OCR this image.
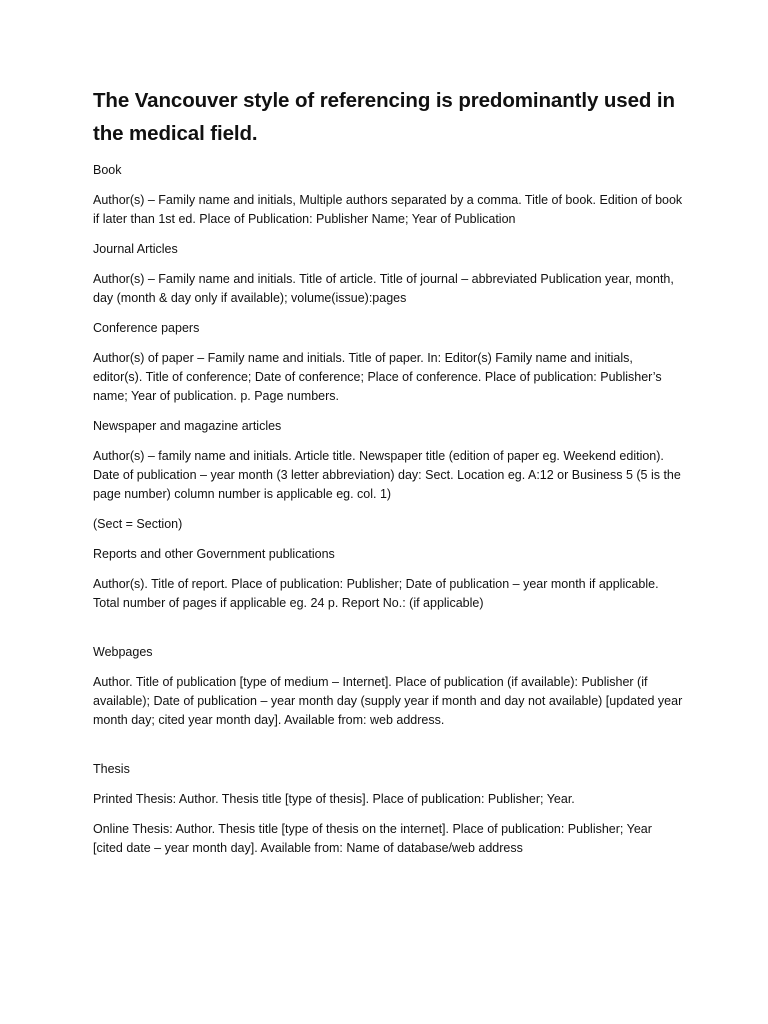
The Vancouver style of referencing is predominantly used in the medical field.

Book

Author(s) – Family name and initials, Multiple authors separated by a comma. Title of book. Edition of book if later than 1st ed. Place of Publication: Publisher Name; Year of Publication

Journal Articles

Author(s) – Family name and initials. Title of article. Title of journal – abbreviated Publication year, month, day (month & day only if available); volume(issue):pages

Conference papers

Author(s) of paper – Family name and initials. Title of paper. In: Editor(s) Family name and initials, editor(s). Title of conference; Date of conference; Place of conference. Place of publication: Publisher’s name; Year of publication. p. Page numbers.

Newspaper and magazine articles

Author(s) – family name and initials. Article title. Newspaper title (edition of paper eg. Weekend edition). Date of publication – year month (3 letter abbreviation) day: Sect. Location eg. A:12 or Business 5 (5 is the page number) column number is applicable eg. col. 1)

(Sect = Section)

Reports and other Government publications

Author(s). Title of report. Place of publication: Publisher; Date of publication – year month if applicable. Total number of pages if applicable eg. 24 p. Report No.: (if applicable)

Webpages

Author. Title of publication [type of medium – Internet]. Place of publication (if available): Publisher (if available); Date of publication – year month day (supply year if month and day not available) [updated year month day; cited year month day]. Available from: web address.

Thesis

Printed Thesis: Author. Thesis title [type of thesis]. Place of publication: Publisher; Year.

Online Thesis: Author. Thesis title [type of thesis on the internet]. Place of publication: Publisher; Year [cited date – year month day]. Available from: Name of database/web address
